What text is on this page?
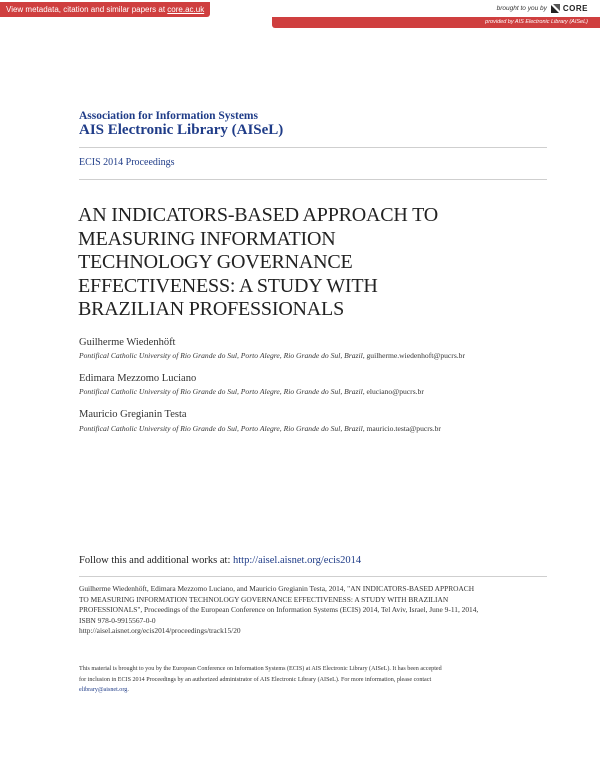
View metadata, citation and similar papers at core.ac.uk	brought to you by CORE
provided by AIS Electronic Library (AISeL)
Association for Information Systems
AIS Electronic Library (AISeL)
ECIS 2014 Proceedings
AN INDICATORS-BASED APPROACH TO
MEASURING INFORMATION
TECHNOLOGY GOVERNANCE
EFFECTIVENESS: A STUDY WITH
BRAZILIAN PROFESSIONALS
Guilherme Wiedenhöft
Pontifical Catholic University of Rio Grande do Sul, Porto Alegre, Rio Grande do Sul, Brazil, guilherme.wiedenhoft@pucrs.br
Edimara Mezzomo Luciano
Pontifical Catholic University of Rio Grande do Sul, Porto Alegre, Rio Grande do Sul, Brazil, eluciano@pucrs.br
Mauricio Gregianin Testa
Pontifical Catholic University of Rio Grande do Sul, Porto Alegre, Rio Grande do Sul, Brazil, mauricio.testa@pucrs.br
Follow this and additional works at: http://aisel.aisnet.org/ecis2014

Guilherme Wiedenhöft, Edimara Mezzomo Luciano, and Mauricio Gregianin Testa, 2014, "AN INDICATORS-BASED APPROACH
TO MEASURING INFORMATION TECHNOLOGY GOVERNANCE EFFECTIVENESS: A STUDY WITH BRAZILIAN
PROFESSIONALS", Proceedings of the European Conference on Information Systems (ECIS) 2014, Tel Aviv, Israel, June 9-11, 2014,
ISBN 978-0-9915567-0-0
http://aisel.aisnet.org/ecis2014/proceedings/track15/20

This material is brought to you by the European Conference on Information Systems (ECIS) at AIS Electronic Library (AISeL). It has been accepted
for inclusion in ECIS 2014 Proceedings by an authorized administrator of AIS Electronic Library (AISeL). For more information, please contact
elibrary@aisnet.org.
